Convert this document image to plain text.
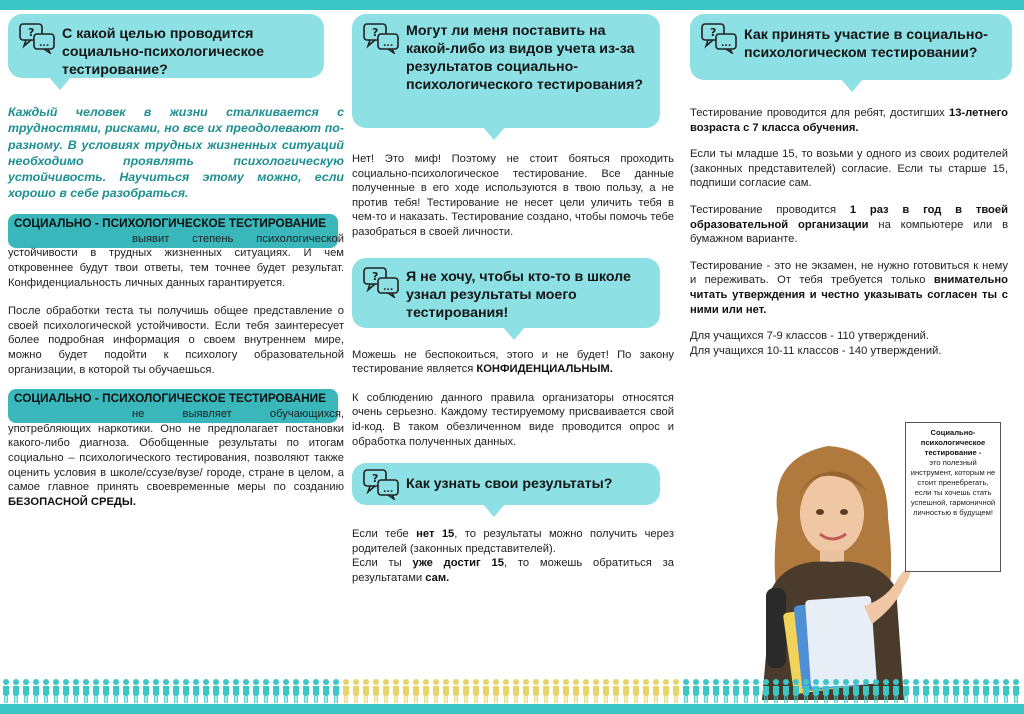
?
...
С какой целью проводится социально-психологическое тестирование?
Каждый человек в жизни сталкивается с трудностями, рисками, но все их преодолевают по-разному. В условиях трудных жизненных ситуаций необходимо проявлять психологическую устойчивость. Научиться этому можно, если хорошо в себе разобраться.
СОЦИАЛЬНО - ПСИХОЛОГИЧЕСКОЕ ТЕСТИРОВАНИЕ
выявит степень психологической устойчивости в трудных жизненных ситуациях. И чем откровеннее будут твои ответы, тем точнее будет результат. Конфиденциальность личных данных гарантируется.
После обработки теста ты получишь общее представление о своей психологической устойчивости. Если тебя заинтересует более подробная информация о своем внутреннем мире, можно будет подойти к психологу образовательной организации, в которой ты обучаешься.
СОЦИАЛЬНО - ПСИХОЛОГИЧЕСКОЕ ТЕСТИРОВАНИЕ
не выявляет обучающихся, употребляющих наркотики. Оно не предполагает постановки какого-либо диагноза. Обобщенные результаты по итогам социально – психологического тестирования, позволяют также оценить условия в школе/ссузе/вузе/ городе, стране в целом, а самое главное принять своевременные меры по созданию БЕЗОПАСНОЙ СРЕДЫ.
?
...
Могут ли меня поставить на какой-либо из видов учета из-за результатов социально-психологического тестирования?
Нет! Это миф! Поэтому не стоит бояться проходить социально-психологическое тестирование. Все данные полученные в его ходе используются в твою пользу, а не против тебя! Тестирование не несет цели уличить тебя в чем-то и наказать. Тестирование создано, чтобы помочь тебе разобраться в своей личности.
?
...
Я не хочу, чтобы кто-то в школе узнал результаты моего тестирования!
Можешь не беспокоиться, этого и не будет! По закону тестирование является КОНФИДЕНЦИАЛЬНЫМ.
К соблюдению данного правила организаторы относятся очень серьезно. Каждому тестируемому присваивается свой id-код. В таком обезличенном виде проводится опрос и обработка полученных данных.
?
... Как узнать свои результаты?
Если тебе нет 15, то результаты можно получить через родителей (законных представителей).
Если ты уже достиг 15, то можешь обратиться за результатами сам.
?
...
Как принять участие в социально-психологическом тестировании?
Тестирование проводится для ребят, достигших 13-летнего возраста с 7 класса обучения.
Если ты младше 15, то возьми у одного из своих родителей (законных представителей) согласие. Если ты старше 15, подпиши согласие сам.
Тестирование проводится 1 раз в год в твоей образовательной организации на компьютере или в бумажном варианте.
Тестирование - это не экзамен, не нужно готовиться к нему и переживать. От тебя требуется только внимательно читать утверждения и честно указывать согласен ты с ними или нет.
Для учащихся 7-9 классов - 110 утверждений.
Для учащихся 10-11 классов - 140 утверждений.
Социально-психологическое тестирование -
это полезный инструмент, которым не стоит пренебрегать, если ты хочешь стать успешной, гармоничной личностью в будущем!
